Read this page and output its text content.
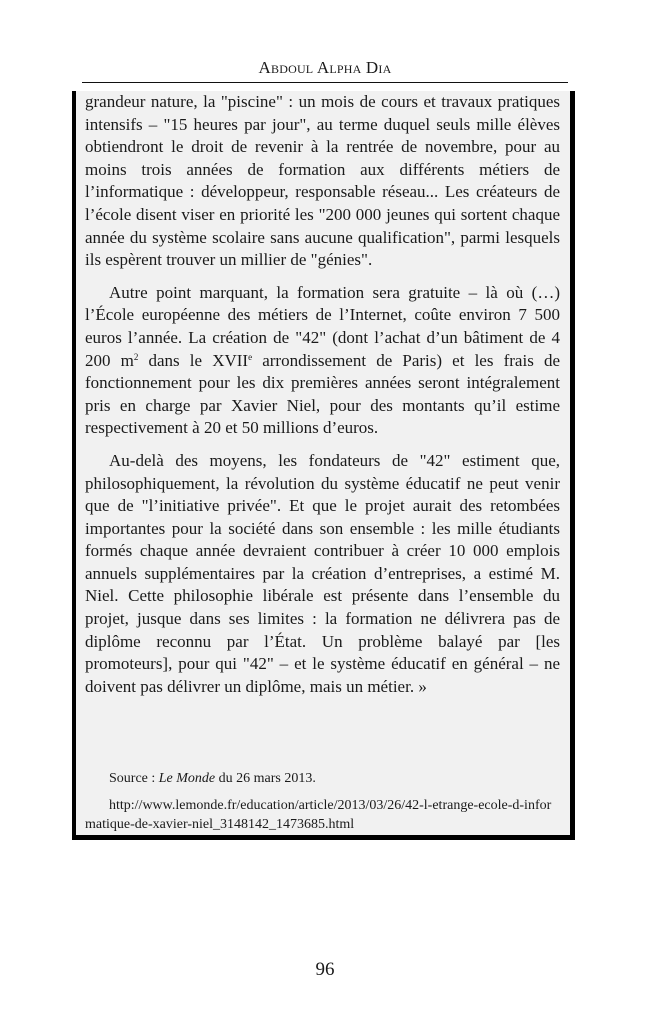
Abdoul Alpha Dia

grandeur nature, la "piscine" : un mois de cours et travaux pratiques intensifs – "15 heures par jour", au terme duquel seuls mille élèves obtiendront le droit de revenir à la rentrée de novembre, pour au moins trois années de formation aux différents métiers de l’informatique : développeur, responsable réseau... Les créateurs de l’école disent viser en priorité les "200 000 jeunes qui sortent chaque année du système scolaire sans aucune qualification", parmi lesquels ils espèrent trouver un millier de "génies".

Autre point marquant, la formation sera gratuite – là où (…) l’École européenne des métiers de l’Internet, coûte environ 7 500 euros l’année. La création de "42" (dont l’achat d’un bâtiment de 4 200 $m^2$ dans le XVIIe arrondissement de Paris) et les frais de fonctionnement pour les dix premières années seront intégralement pris en charge par Xavier Niel, pour des montants qu’il estime respectivement à 20 et 50 millions d’euros.

Au-delà des moyens, les fondateurs de "42" estiment que, philosophiquement, la révolution du système éducatif ne peut venir que de "l’initiative privée". Et que le projet aurait des retombées importantes pour la société dans son ensemble : les mille étudiants formés chaque année devraient contribuer à créer 10 000 emplois annuels supplémentaires par la création d’entreprises, a estimé M. Niel. Cette philosophie libérale est présente dans l’ensemble du projet, jusque dans ses limites : la formation ne délivrera pas de diplôme reconnu par l’État. Un problème balayé par [les promoteurs], pour qui "42" – et le système éducatif en général – ne doivent pas délivrer un diplôme, mais un métier. »

Source : Le Monde du 26 mars 2013.

http://www.lemonde.fr/education/article/2013/03/26/42-l-etrange-ecole-d-informatique-de-xavier-niel_3148142_1473685.html

96
